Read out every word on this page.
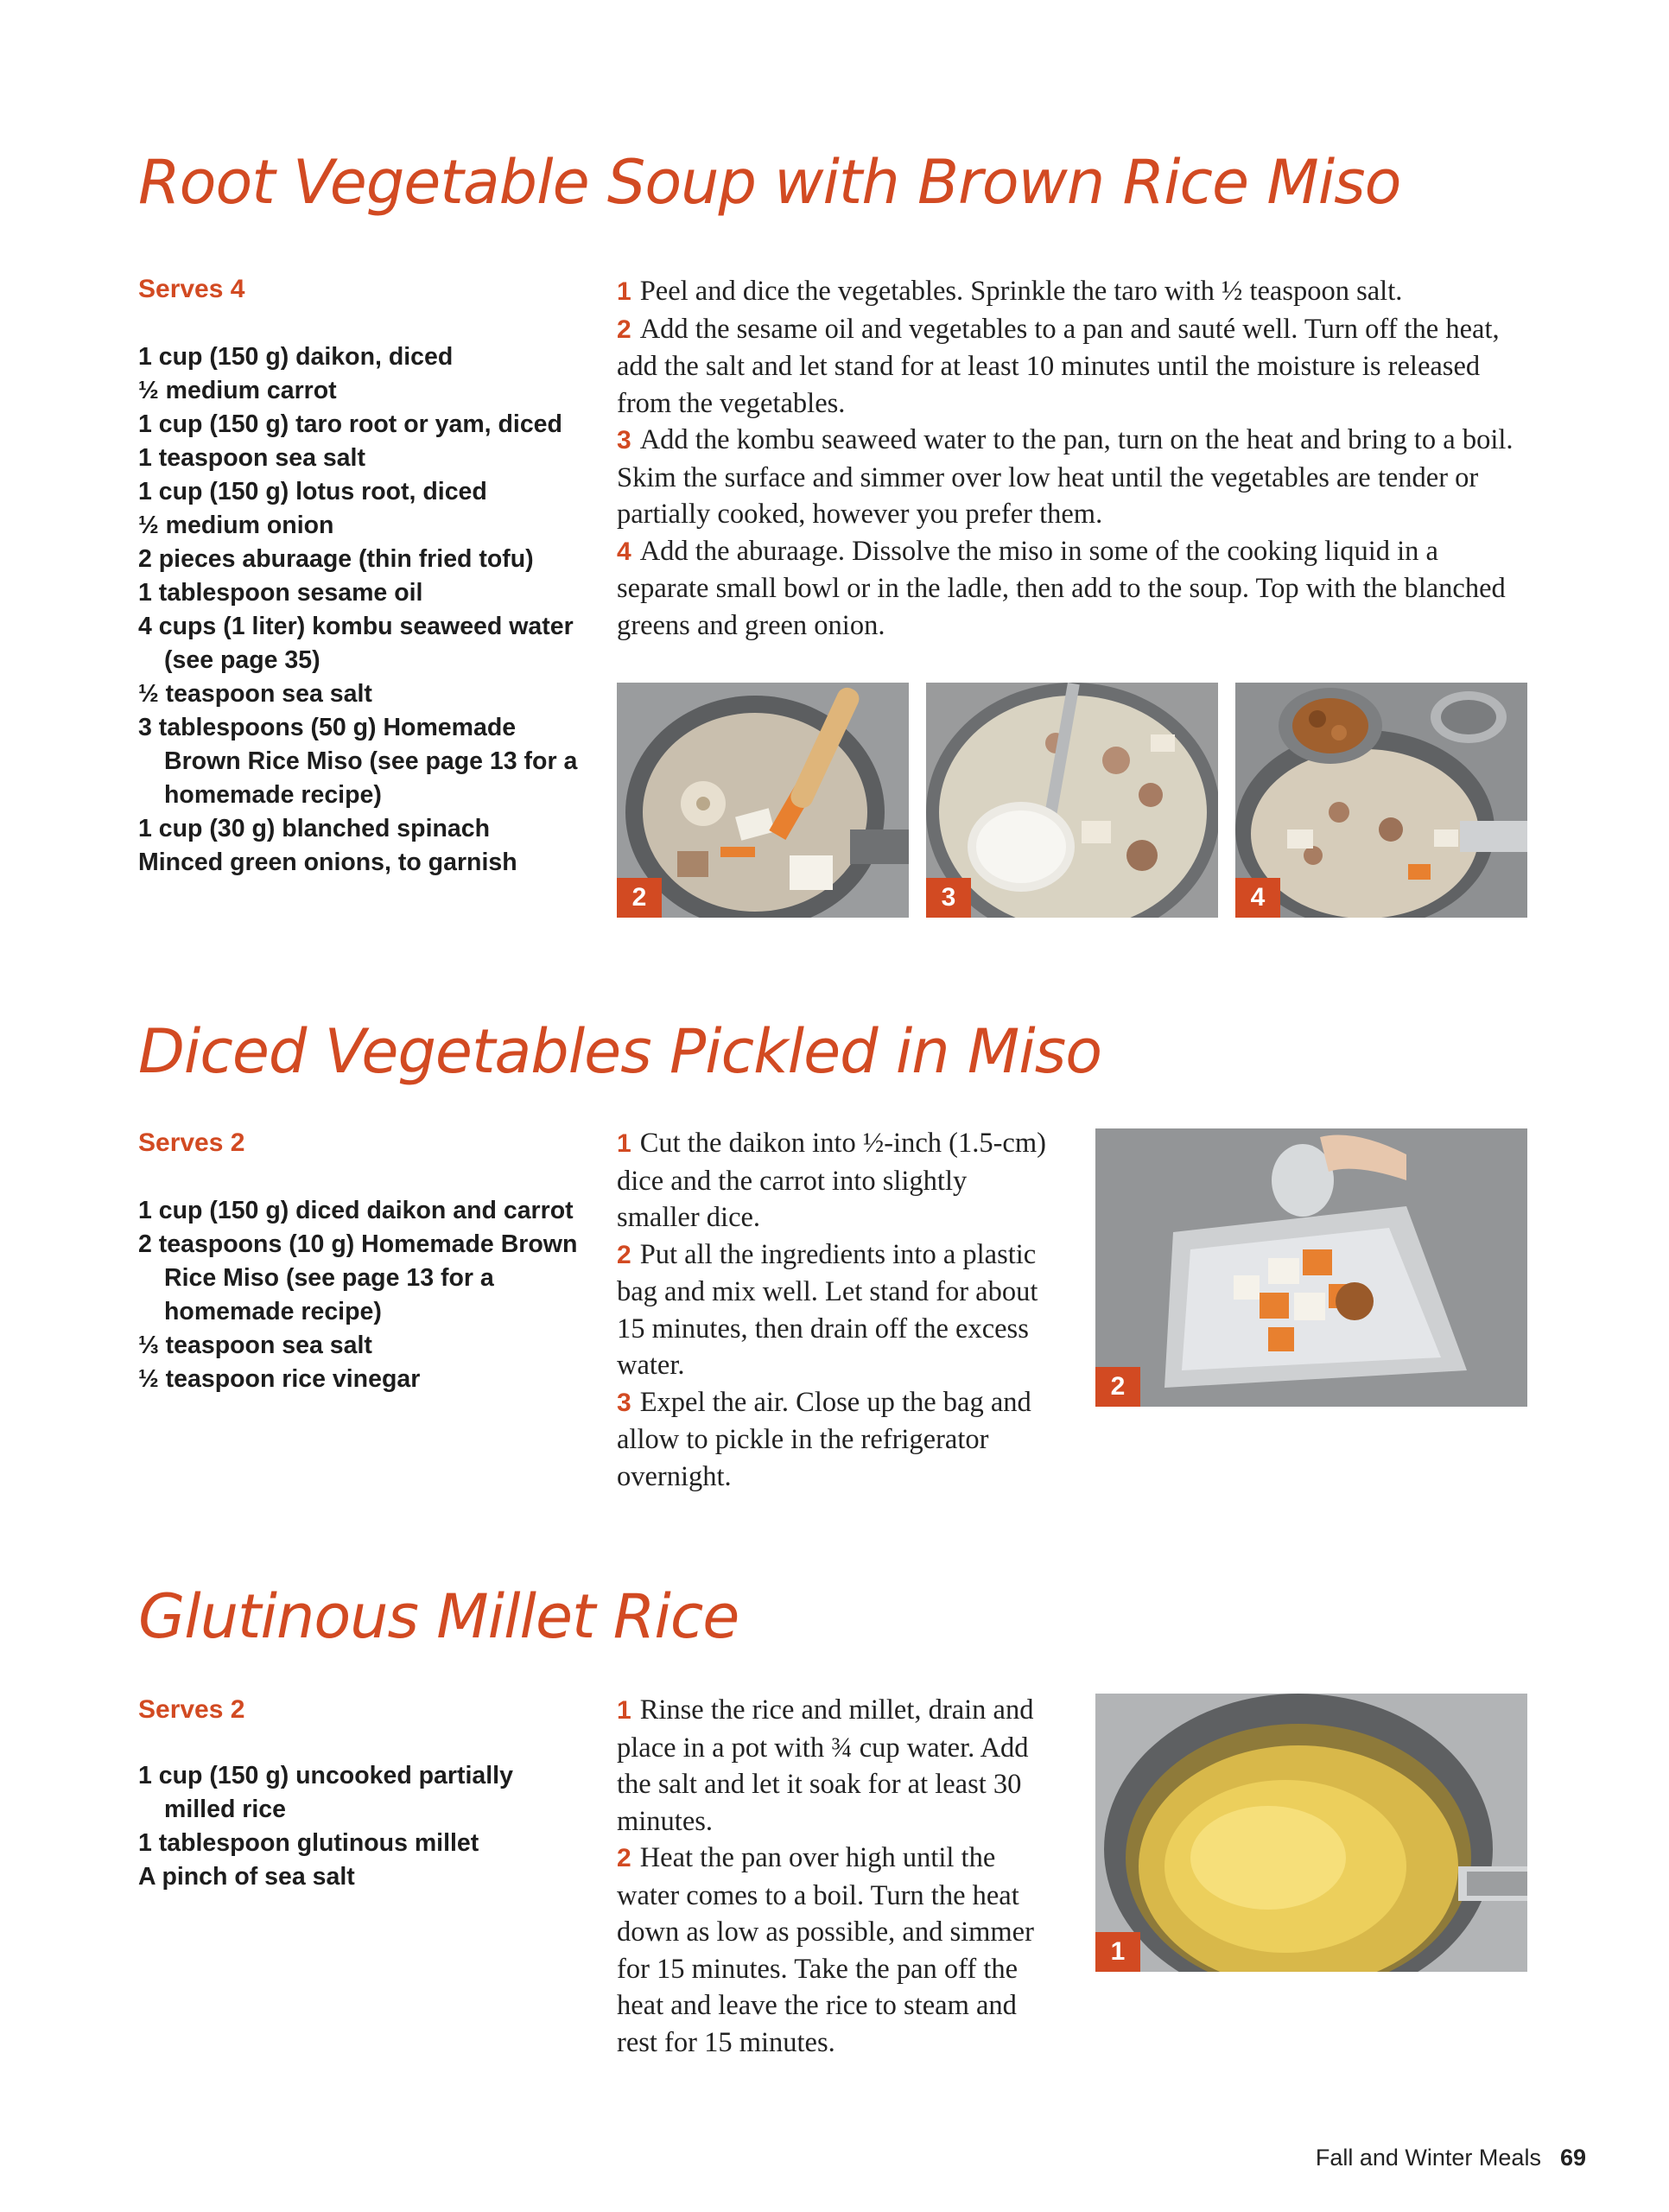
Root Vegetable Soup with Brown Rice Miso

Serves 4

1 cup (150 g) daikon, diced
½ medium carrot
1 cup (150 g) taro root or yam, diced
1 teaspoon sea salt
1 cup (150 g) lotus root, diced
½ medium onion
2 pieces aburaage (thin fried tofu)
1 tablespoon sesame oil
4 cups (1 liter) kombu seaweed water (see page 35)
½ teaspoon sea salt
3 tablespoons (50 g) Homemade Brown Rice Miso (see page 13 for a homemade recipe)
1 cup (30 g) blanched spinach
Minced green onions, to garnish
1 Peel and dice the vegetables. Sprinkle the taro with ½ teaspoon salt.
2 Add the sesame oil and vegetables to a pan and sauté well. Turn off the heat, add the salt and let stand for at least 10 minutes until the moisture is released from the vegetables.
3 Add the kombu seaweed water to the pan, turn on the heat and bring to a boil. Skim the surface and simmer over low heat until the vegetables are tender or partially cooked, however you prefer them.
4 Add the aburaage. Dissolve the miso in some of the cooking liquid in a separate small bowl or in the ladle, then add to the soup. Top with the blanched greens and green onion.
2	3	4
Diced Vegetables Pickled in Miso

Serves 2

1 cup (150 g) diced daikon and carrot
2 teaspoons (10 g) Homemade Brown Rice Miso (see page 13 for a homemade recipe)
⅓ teaspoon sea salt
½ teaspoon rice vinegar
1 Cut the daikon into ½-inch (1.5-cm) dice and the carrot into slightly smaller dice.
2 Put all the ingredients into a plastic bag and mix well. Let stand for about 15 minutes, then drain off the excess water.
3 Expel the air. Close up the bag and allow to pickle in the refrigerator overnight.
2
Glutinous Millet Rice

Serves 2

1 cup (150 g) uncooked partially milled rice
1 tablespoon glutinous millet
A pinch of sea salt
1 Rinse the rice and millet, drain and place in a pot with ¾ cup water. Add the salt and let it soak for at least 30 minutes.
2 Heat the pan over high until the water comes to a boil. Turn the heat down as low as possible, and simmer for 15 minutes. Take the pan off the heat and leave the rice to steam and rest for 15 minutes.
1
Fall and Winter Meals 69
